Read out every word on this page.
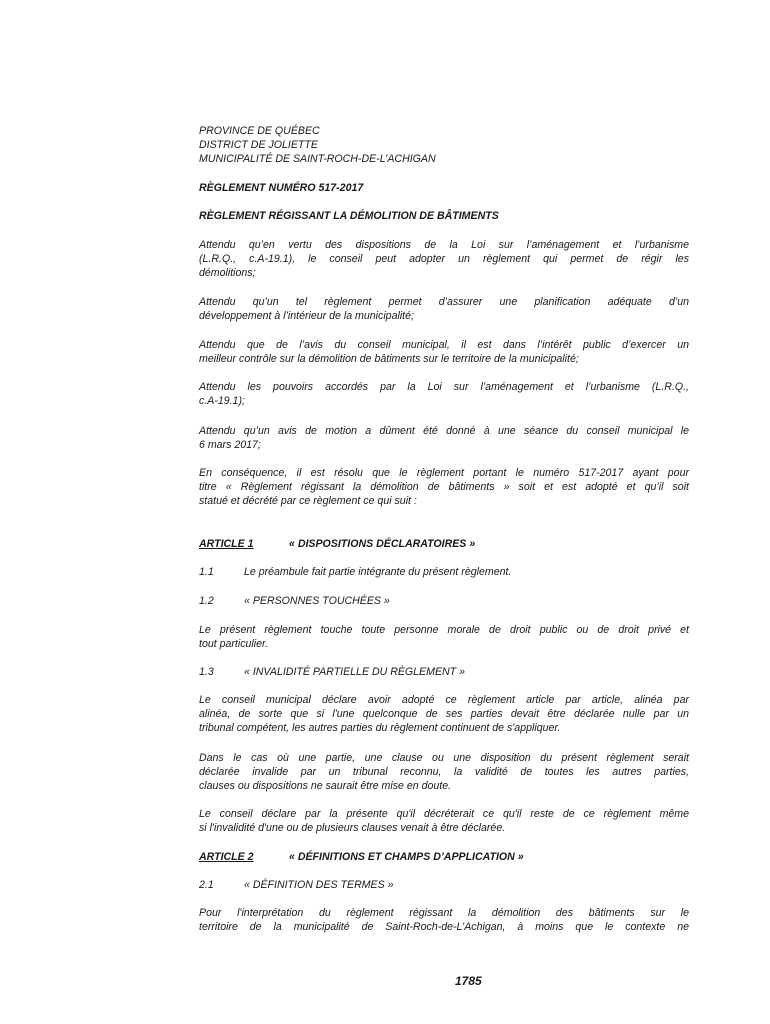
PROVINCE DE QUÉBEC

DISTRICT DE JOLIETTE

MUNICIPALITÉ DE SAINT-ROCH-DE-L’ACHIGAN

RÈGLEMENT NUMÉRO 517-2017

RÈGLEMENT RÉGISSANT LA DÉMOLITION DE BÂTIMENTS

Attendu qu’en vertu des dispositions de la Loi sur l’aménagement et l’urbanisme
(L.R.Q., c.A-19.1), le conseil peut adopter un règlement qui permet de régir les
démolitions;
Attendu qu’un tel règlement permet d’assurer une planification adéquate d’un
développement à l’intérieur de la municipalité;
Attendu que de l’avis du conseil municipal, il est dans l’intérêt public d’exercer un
meilleur contrôle sur la démolition de bâtiments sur le territoire de la municipalité;
Attendu les pouvoirs accordés par la Loi sur l’aménagement et l’urbanisme (L.R.Q.,
c.A-19.1);
Attendu qu’un avis de motion a dûment été donné à une séance du conseil municipal le
6 mars 2017;
En conséquence, il est résolu que le règlement portant le numéro 517-2017 ayant pour
titre « Règlement régissant la démolition de bâtiments » soit et est adopté et qu’il soit
statué et décrété par ce règlement ce qui suit :

ARTICLE 1	« DISPOSITIONS DÉCLARATOIRES »

1.1	Le préambule fait partie intégrante du présent règlement.

1.2	« PERSONNES TOUCHÉES »

Le présent règlement touche toute personne morale de droit public ou de droit privé et
tout particulier.

1.3	« INVALIDITÉ PARTIELLE DU RÈGLEMENT »

Le conseil municipal déclare avoir adopté ce règlement article par article, alinéa par
alinéa, de sorte que si l'une quelconque de ses parties devait être déclarée nulle par un
tribunal compétent, les autres parties du règlement continuent de s'appliquer.
Dans le cas où une partie, une clause ou une disposition du présent règlement serait
déclarée invalide par un tribunal reconnu, la validité de toutes les autres parties,
clauses ou dispositions ne saurait être mise en doute.
Le conseil déclare par la présente qu'il décréterait ce qu'il reste de ce règlement même
si l'invalidité d'une ou de plusieurs clauses venait à être déclarée.

ARTICLE 2	« DÉFINITIONS ET CHAMPS D’APPLICATION »

2.1	« DÉFINITION DES TERMES »

Pour l'interprétation du règlement régissant la démolition des bâtiments sur le
territoire de la municipalité de Saint-Roch-de-L’Achigan, à moins que le contexte ne
1785
